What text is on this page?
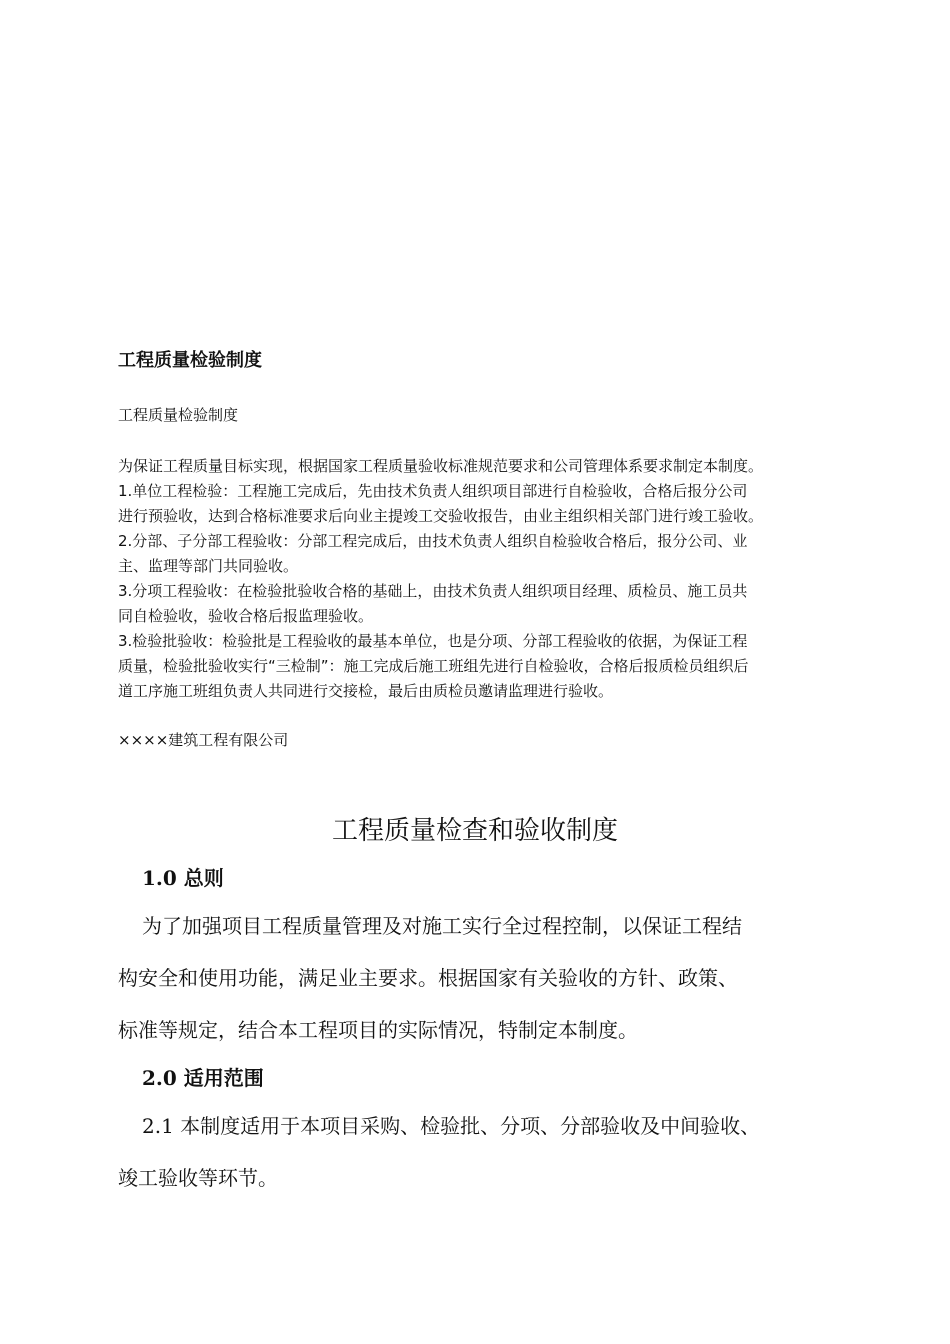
工程质量检验制度
工程质量检验制度

为保证工程质量目标实现，根据国家工程质量验收标准规范要求和公司管理体系要求制定本制度。

1.单位工程检验：工程施工完成后，先由技术负责人组织项目部进行自检验收，合格后报分公司

进行预验收，达到合格标准要求后向业主提竣工交验收报告，由业主组织相关部门进行竣工验收。

2.分部、子分部工程验收：分部工程完成后，由技术负责人组织自检验收合格后，报分公司、业

主、监理等部门共同验收。

3.分项工程验收：在检验批验收合格的基础上，由技术负责人组织项目经理、质检员、施工员共

同自检验收，验收合格后报监理验收。

3.检验批验收：检验批是工程验收的最基本单位，也是分项、分部工程验收的依据，为保证工程

质量，检验批验收实行“三检制”：施工完成后施工班组先进行自检验收，合格后报质检员组织后

道工序施工班组负责人共同进行交接检，最后由质检员邀请监理进行验收。

××××建筑工程有限公司
工程质量检查和验收制度
1.0 总则

为了加强项目工程质量管理及对施工实行全过程控制，以保证工程结

构安全和使用功能，满足业主要求。根据国家有关验收的方针、政策、

标准等规定，结合本工程项目的实际情况，特制定本制度。

2.0 适用范围

2.1 本制度适用于本项目采购、检验批、分项、分部验收及中间验收、

竣工验收等环节。
